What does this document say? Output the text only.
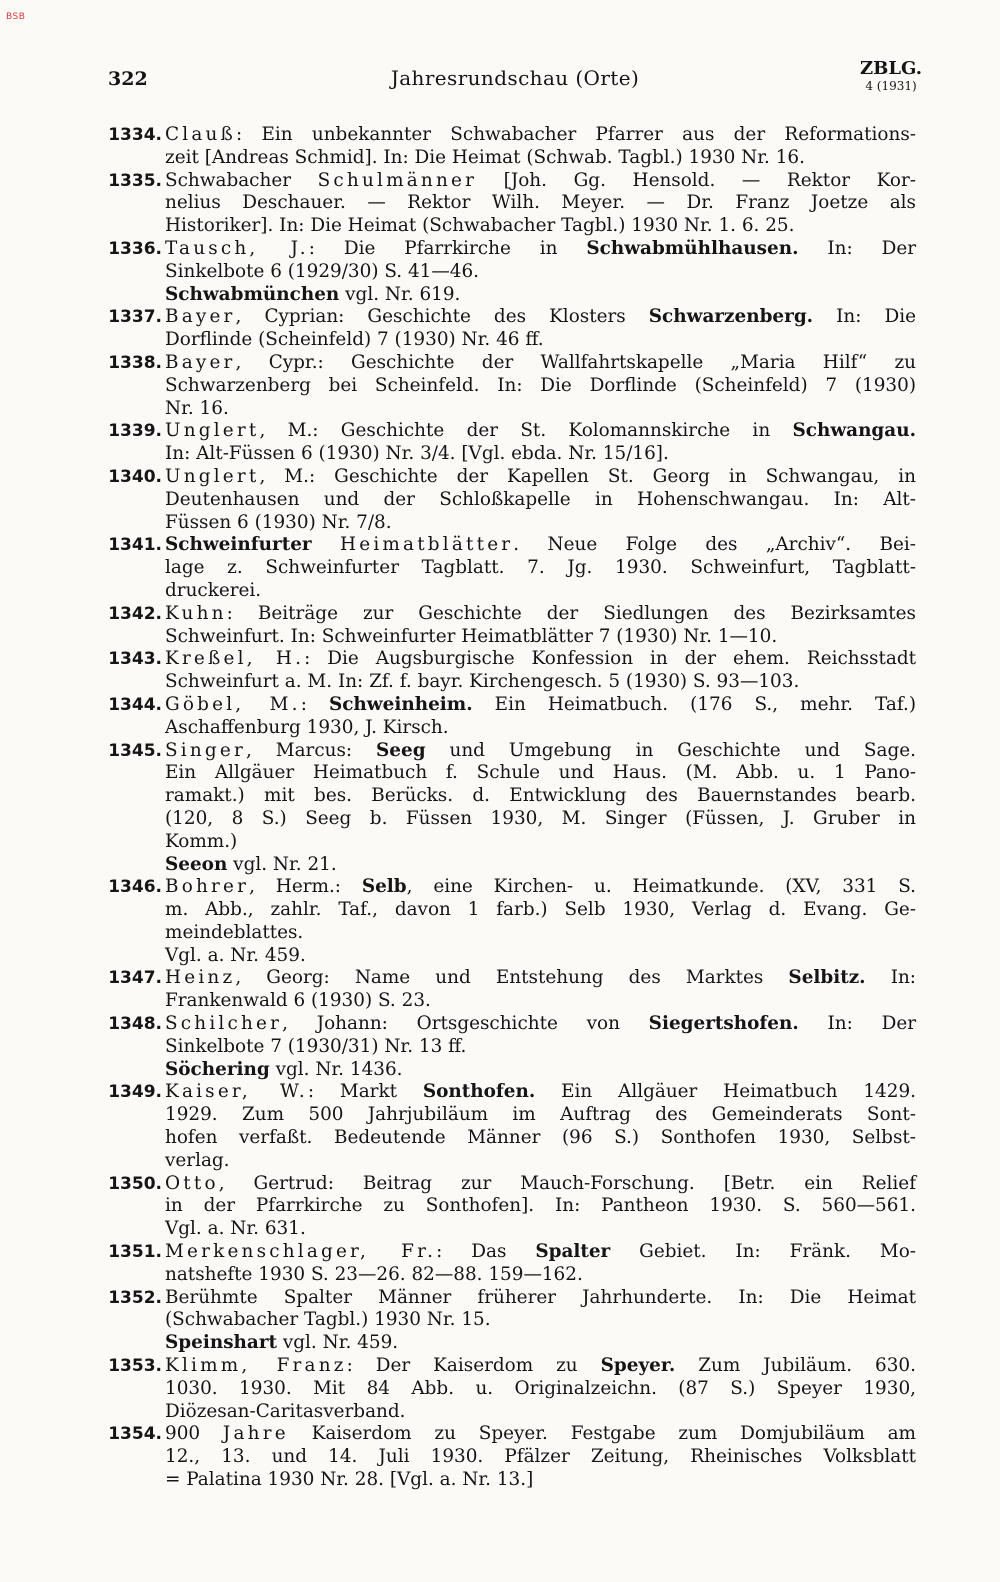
BSB
322	Jahresrundschau (Orte)	ZBLG.
4 (1931)
1334. Clauß: Ein unbekannter Schwabacher Pfarrer aus der Reformations-
zeit [Andreas Schmid]. In: Die Heimat (Schwab. Tagbl.) 1930 Nr. 16.
1335. Schwabacher Schulmänner [Joh. Gg. Hensold. — Rektor Kor-
nelius Deschauer. — Rektor Wilh. Meyer. — Dr. Franz Joetze als
Historiker]. In: Die Heimat (Schwabacher Tagbl.) 1930 Nr. 1. 6. 25.
1336. Tausch, J.: Die Pfarrkirche in Schwabmühlhausen. In: Der
Sinkelbote 6 (1929/30) S. 41—46.
Schwabmünchen vgl. Nr. 619.
1337. Bayer, Cyprian: Geschichte des Klosters Schwarzenberg. In: Die
Dorflinde (Scheinfeld) 7 (1930) Nr. 46 ff.
1338. Bayer, Cypr.: Geschichte der Wallfahrtskapelle „Maria Hilf“ zu
Schwarzenberg bei Scheinfeld. In: Die Dorflinde (Scheinfeld) 7 (1930)
Nr. 16.
1339. Unglert, M.: Geschichte der St. Kolomannskirche in Schwangau.
In: Alt-Füssen 6 (1930) Nr. 3/4. [Vgl. ebda. Nr. 15/16].
1340. Unglert, M.: Geschichte der Kapellen St. Georg in Schwangau, in
Deutenhausen und der Schloßkapelle in Hohenschwangau. In: Alt-
Füssen 6 (1930) Nr. 7/8.
1341. Schweinfurter Heimatblätter. Neue Folge des „Archiv“. Bei-
lage z. Schweinfurter Tagblatt. 7. Jg. 1930. Schweinfurt, Tagblatt-
druckerei.
1342. Kuhn: Beiträge zur Geschichte der Siedlungen des Bezirksamtes
Schweinfurt. In: Schweinfurter Heimatblätter 7 (1930) Nr. 1—10.
1343. Kreßel, H.: Die Augsburgische Konfession in der ehem. Reichsstadt
Schweinfurt a. M. In: Zf. f. bayr. Kirchengesch. 5 (1930) S. 93—103.
1344. Göbel, M.: Schweinheim. Ein Heimatbuch. (176 S., mehr. Taf.)
Aschaffenburg 1930, J. Kirsch.
1345. Singer, Marcus: Seeg und Umgebung in Geschichte und Sage.
Ein Allgäuer Heimatbuch f. Schule und Haus. (M. Abb. u. 1 Pano-
ramakt.) mit bes. Berücks. d. Entwicklung des Bauernstandes bearb.
(120, 8 S.) Seeg b. Füssen 1930, M. Singer (Füssen, J. Gruber in
Komm.)
Seeon vgl. Nr. 21.
1346. Bohrer, Herm.: Selb, eine Kirchen- u. Heimatkunde. (XV, 331 S.
m. Abb., zahlr. Taf., davon 1 farb.) Selb 1930, Verlag d. Evang. Ge-
meindeblattes.
Vgl. a. Nr. 459.
1347. Heinz, Georg: Name und Entstehung des Marktes Selbitz. In:
Frankenwald 6 (1930) S. 23.
1348. Schilcher, Johann: Ortsgeschichte von Siegertshofen. In: Der
Sinkelbote 7 (1930/31) Nr. 13 ff.
Söchering vgl. Nr. 1436.
1349. Kaiser, W.: Markt Sonthofen. Ein Allgäuer Heimatbuch 1429.
1929. Zum 500 Jahrjubiläum im Auftrag des Gemeinderats Sont-
hofen verfaßt. Bedeutende Männer (96 S.) Sonthofen 1930, Selbst-
verlag.
1350. Otto, Gertrud: Beitrag zur Mauch-Forschung. [Betr. ein Relief
in der Pfarrkirche zu Sonthofen]. In: Pantheon 1930. S. 560—561.
Vgl. a. Nr. 631.
1351. Merkenschlager, Fr.: Das Spalter Gebiet. In: Fränk. Mo-
natshefte 1930 S. 23—26. 82—88. 159—162.
1352. Berühmte Spalter Männer früherer Jahrhunderte. In: Die Heimat
(Schwabacher Tagbl.) 1930 Nr. 15.
Speinshart vgl. Nr. 459.
1353. Klimm, Franz: Der Kaiserdom zu Speyer. Zum Jubiläum. 630.
1030. 1930. Mit 84 Abb. u. Originalzeichn. (87 S.) Speyer 1930,
Diözesan-Caritasverband.
1354. 900 Jahre Kaiserdom zu Speyer. Festgabe zum Domjubiläum am
12., 13. und 14. Juli 1930. Pfälzer Zeitung, Rheinisches Volksblatt
= Palatina 1930 Nr. 28. [Vgl. a. Nr. 13.]
